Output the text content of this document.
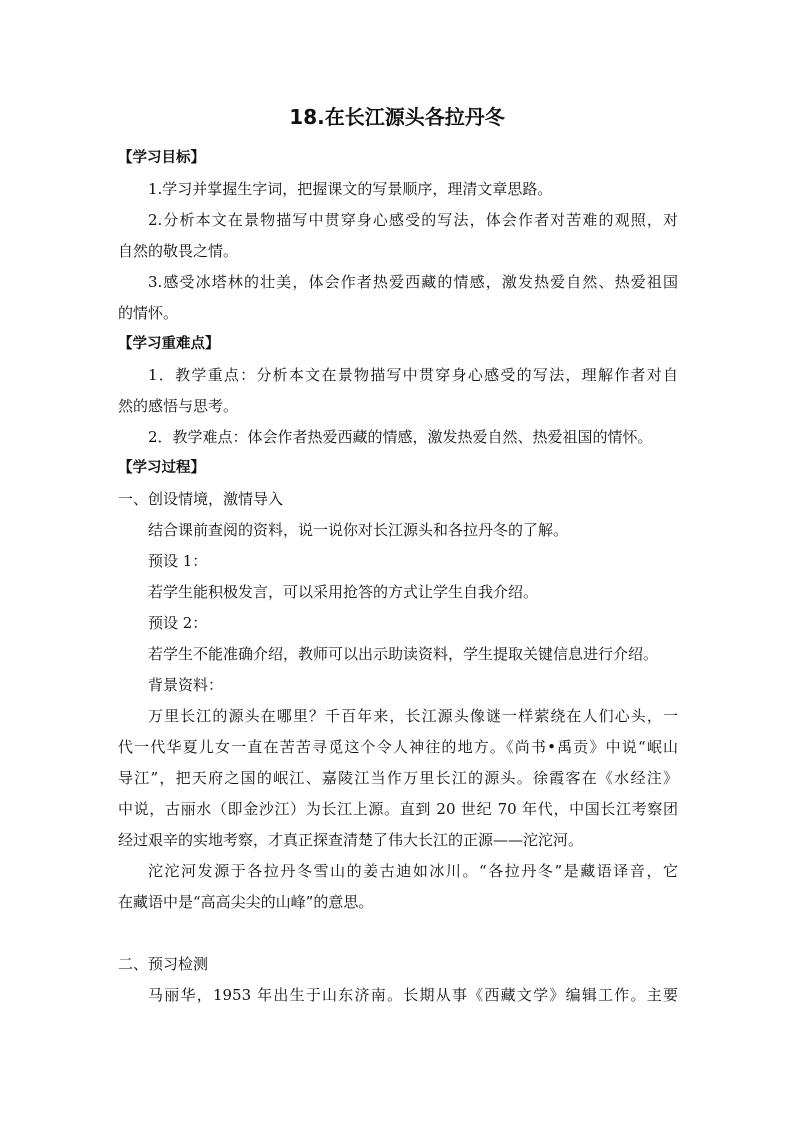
18.在长江源头各拉丹冬
【学习目标】
1.学习并掌握生字词，把握课文的写景顺序，理清文章思路。
2.分析本文在景物描写中贯穿身心感受的写法，体会作者对苦难的观照，对
自然的敬畏之情。
3.感受冰塔林的壮美，体会作者热爱西藏的情感，激发热爱自然、热爱祖国
的情怀。
【学习重难点】
1．教学重点：分析本文在景物描写中贯穿身心感受的写法，理解作者对自
然的感悟与思考。
2．教学难点：体会作者热爱西藏的情感，激发热爱自然、热爱祖国的情怀。
【学习过程】
一、创设情境，激情导入
结合课前查阅的资料，说一说你对长江源头和各拉丹冬的了解。
预设 1：
若学生能积极发言，可以采用抢答的方式让学生自我介绍。
预设 2：
若学生不能准确介绍，教师可以出示助读资料，学生提取关键信息进行介绍。
背景资料：
万里长江的源头在哪里？千百年来，长江源头像谜一样萦绕在人们心头，一
代一代华夏儿女一直在苦苦寻觅这个令人神往的地方。《尚书•禹贡》中说“岷山
导江”，把天府之国的岷江、嘉陵江当作万里长江的源头。徐霞客在《水经注》
中说，古丽水（即金沙江）为长江上源。直到 20 世纪 70 年代，中国长江考察团
经过艰辛的实地考察，才真正探查清楚了伟大长江的正源——沱沱河。
沱沱河发源于各拉丹冬雪山的姜古迪如冰川。“各拉丹冬”是藏语译音，它
在藏语中是“高高尖尖的山峰”的意思。
二、预习检测
马丽华，1953 年出生于山东济南。长期从事《西藏文学》编辑工作。主要
